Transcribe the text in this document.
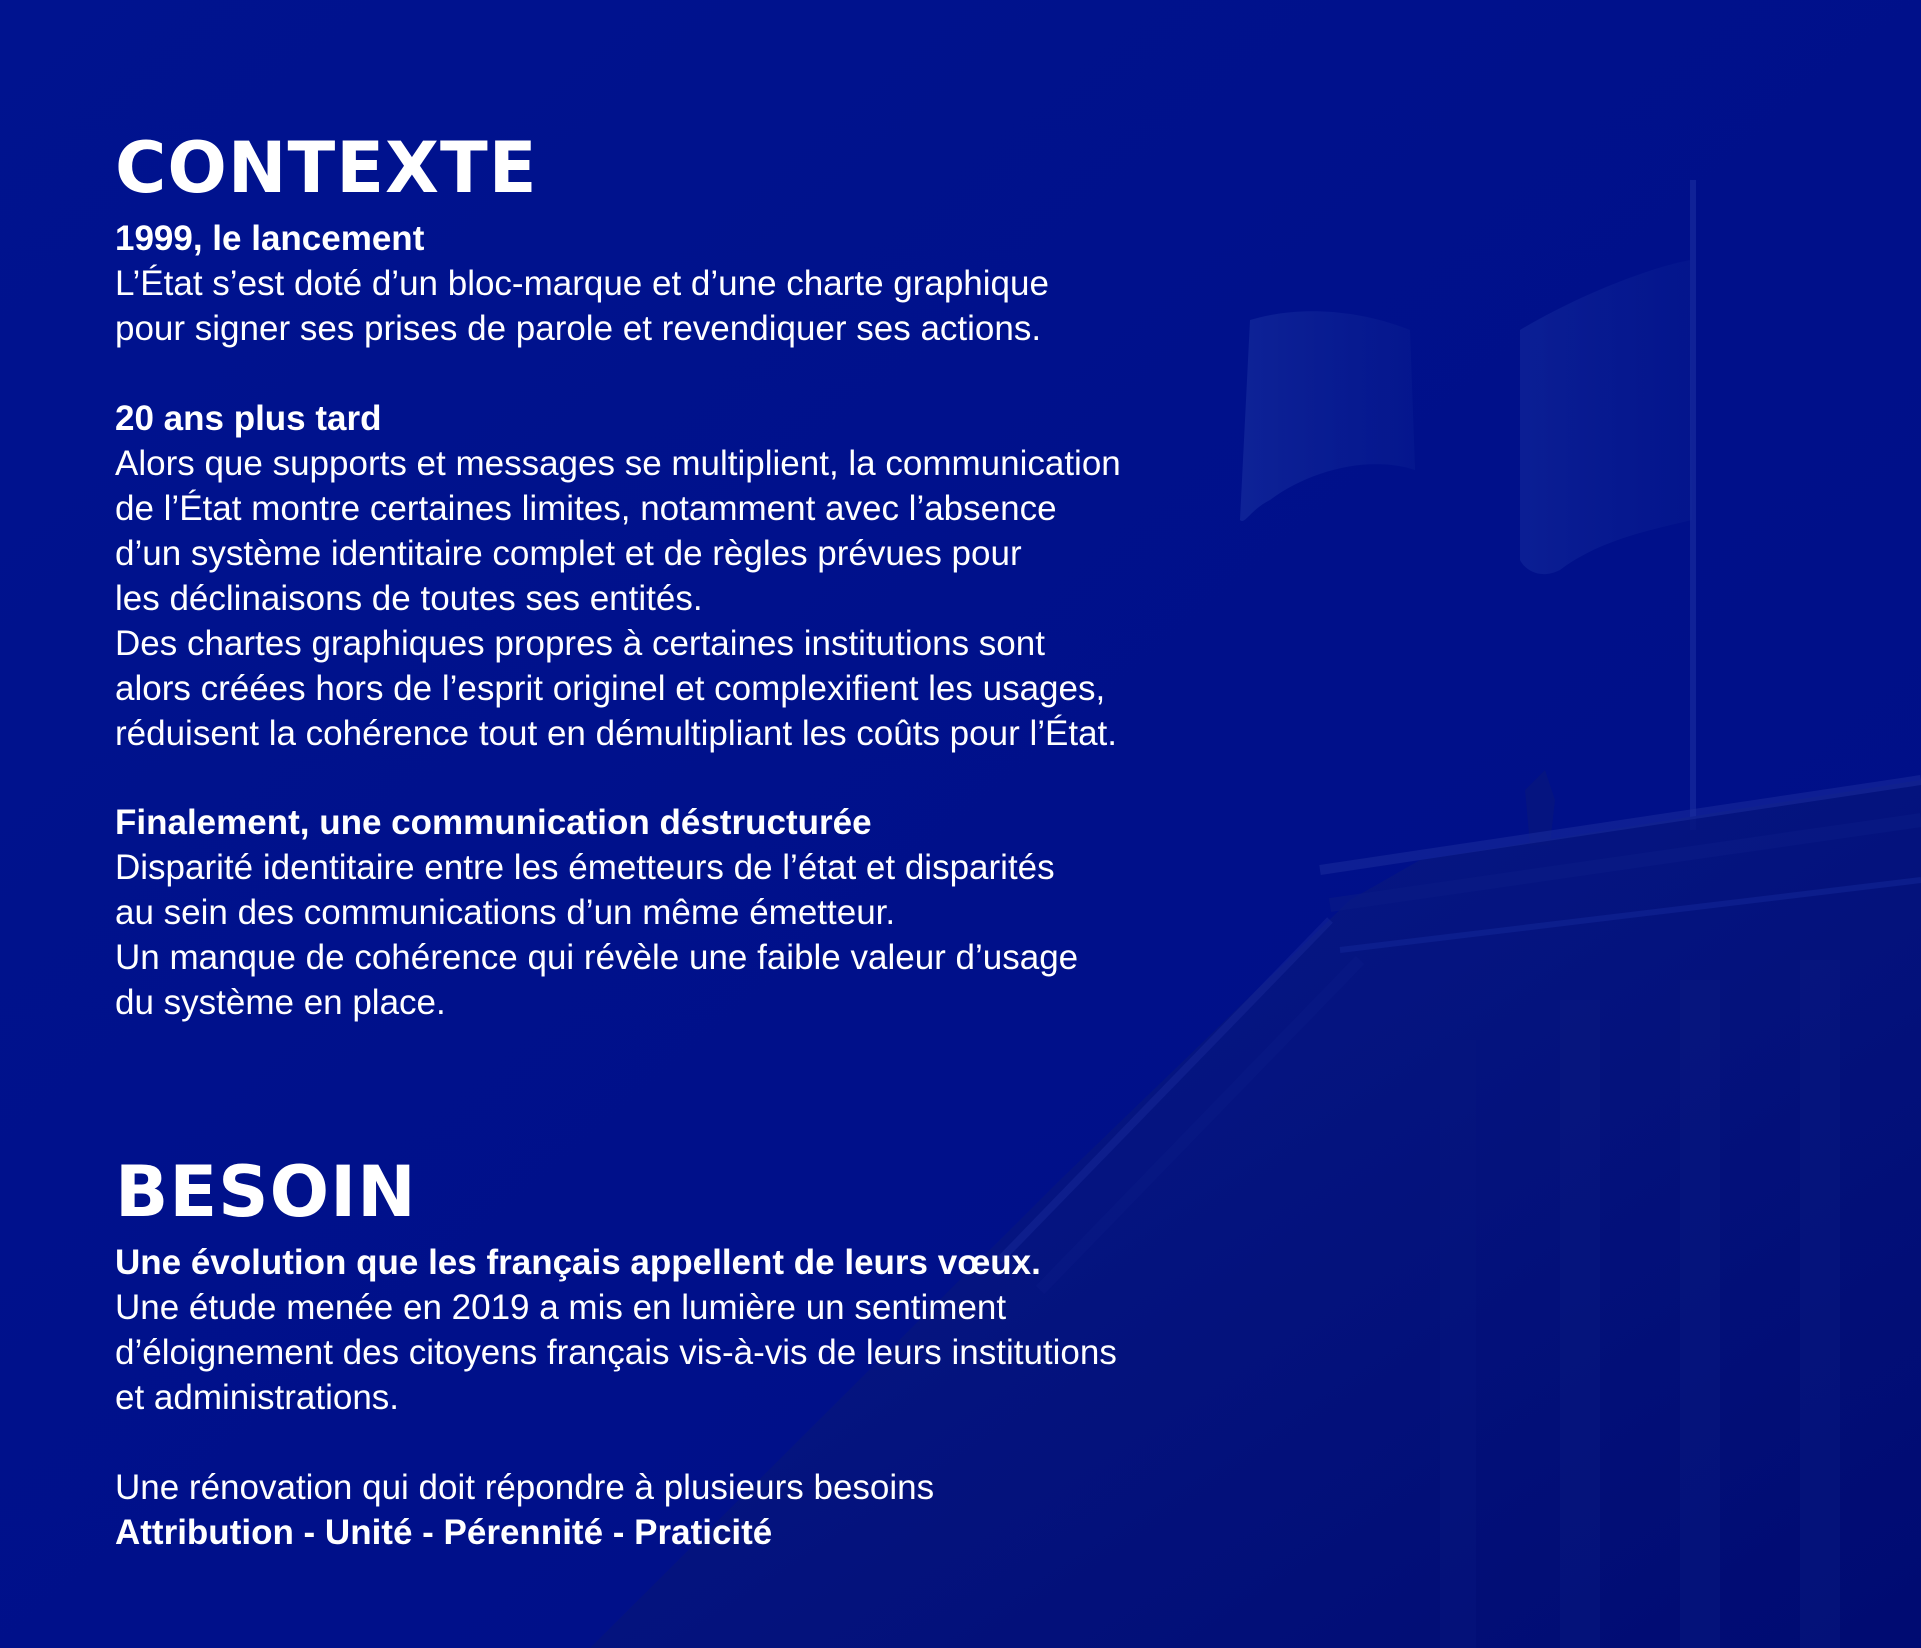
CONTEXTE
1999, le lancement
L’État s’est doté d’un bloc-marque et d’une charte graphique
pour signer ses prises de parole et revendiquer ses actions.
20 ans plus tard
Alors que supports et messages se multiplient, la communication
de l’État montre certaines limites, notamment avec l’absence
d’un système identitaire complet et de règles prévues pour
les déclinaisons de toutes ses entités.
Des chartes graphiques propres à certaines institutions sont
alors créées hors de l’esprit originel et complexifient les usages,
réduisent la cohérence tout en démultipliant les coûts pour l’État.
Finalement, une communication déstructurée
Disparité identitaire entre les émetteurs de l’état et disparités
au sein des communications d’un même émetteur.
Un manque de cohérence qui révèle une faible valeur d’usage
du système en place.
BESOIN
Une évolution que les français appellent de leurs vœux.
Une étude menée en 2019 a mis en lumière un sentiment
d’éloignement des citoyens français vis-à-vis de leurs institutions
et administrations.
Une rénovation qui doit répondre à plusieurs besoins
Attribution - Unité - Pérennité - Praticité
